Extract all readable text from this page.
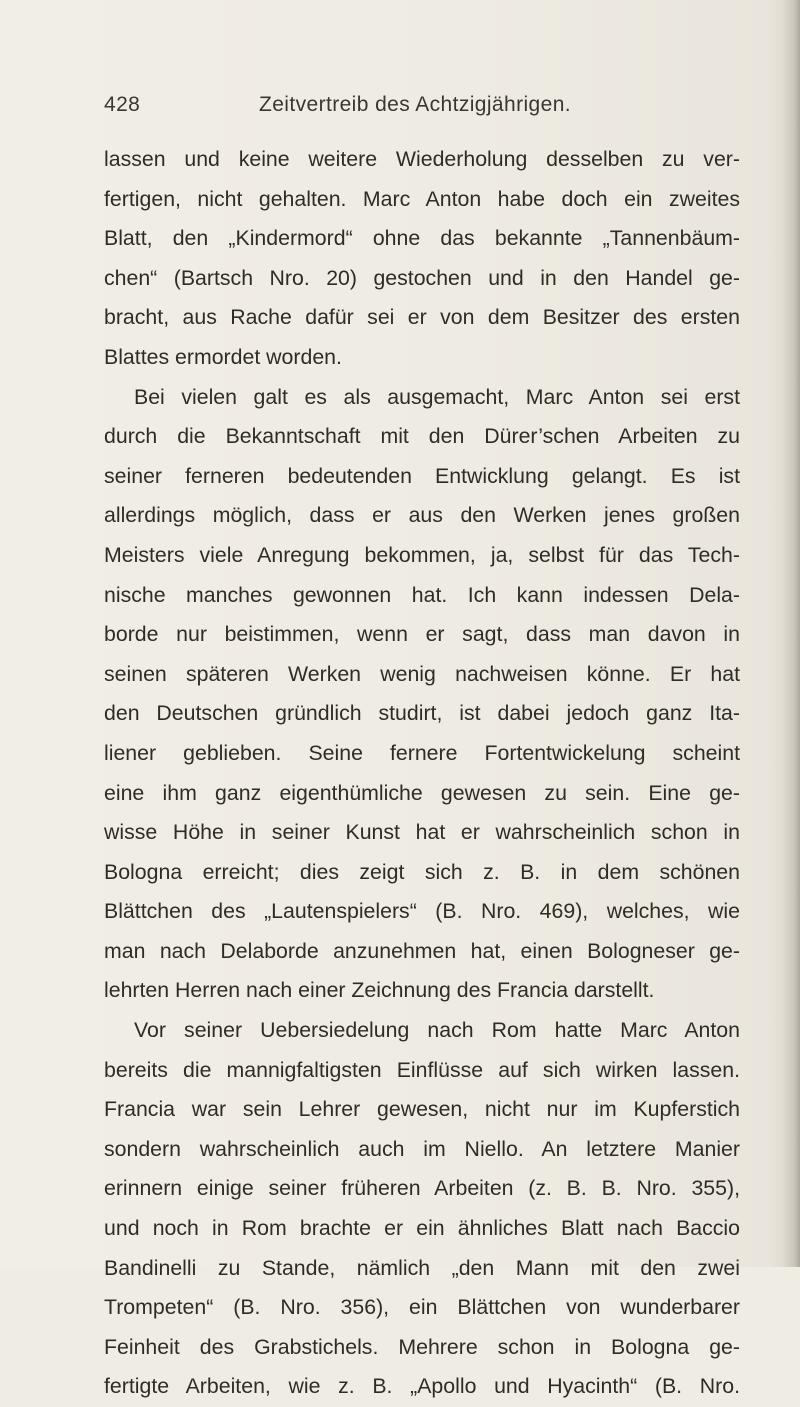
428	Zeitvertreib des Achtzigjährigen.
lassen und keine weitere Wiederholung desselben zu ver-
fertigen, nicht gehalten. Marc Anton habe doch ein zweites
Blatt, den „Kindermord“ ohne das bekannte „Tannenbäum-
chen“ (Bartsch Nro. 20) gestochen und in den Handel ge-
bracht, aus Rache dafür sei er von dem Besitzer des ersten
Blattes ermordet worden.
Bei vielen galt es als ausgemacht, Marc Anton sei erst
durch die Bekanntschaft mit den Dürer’schen Arbeiten zu
seiner ferneren bedeutenden Entwicklung gelangt. Es ist
allerdings möglich, dass er aus den Werken jenes großen
Meisters viele Anregung bekommen, ja, selbst für das Tech-
nische manches gewonnen hat. Ich kann indessen Dela-
borde nur beistimmen, wenn er sagt, dass man davon in
seinen späteren Werken wenig nachweisen könne. Er hat
den Deutschen gründlich studirt, ist dabei jedoch ganz Ita-
liener geblieben. Seine fernere Fortentwickelung scheint
eine ihm ganz eigenthümliche gewesen zu sein. Eine ge-
wisse Höhe in seiner Kunst hat er wahrscheinlich schon in
Bologna erreicht; dies zeigt sich z. B. in dem schönen
Blättchen des „Lautenspielers“ (B. Nro. 469), welches, wie
man nach Delaborde anzunehmen hat, einen Bologneser ge-
lehrten Herren nach einer Zeichnung des Francia darstellt.
Vor seiner Uebersiedelung nach Rom hatte Marc Anton
bereits die mannigfaltigsten Einflüsse auf sich wirken lassen.
Francia war sein Lehrer gewesen, nicht nur im Kupferstich
sondern wahrscheinlich auch im Niello. An letztere Manier
erinnern einige seiner früheren Arbeiten (z. B. B. Nro. 355),
und noch in Rom brachte er ein ähnliches Blatt nach Baccio
Bandinelli zu Stande, nämlich „den Mann mit den zwei
Trompeten“ (B. Nro. 356), ein Blättchen von wunderbarer
Feinheit des Grabstichels. Mehrere schon in Bologna ge-
fertigte Arbeiten, wie z. B. „Apollo und Hyacinth“ (B. Nro.
